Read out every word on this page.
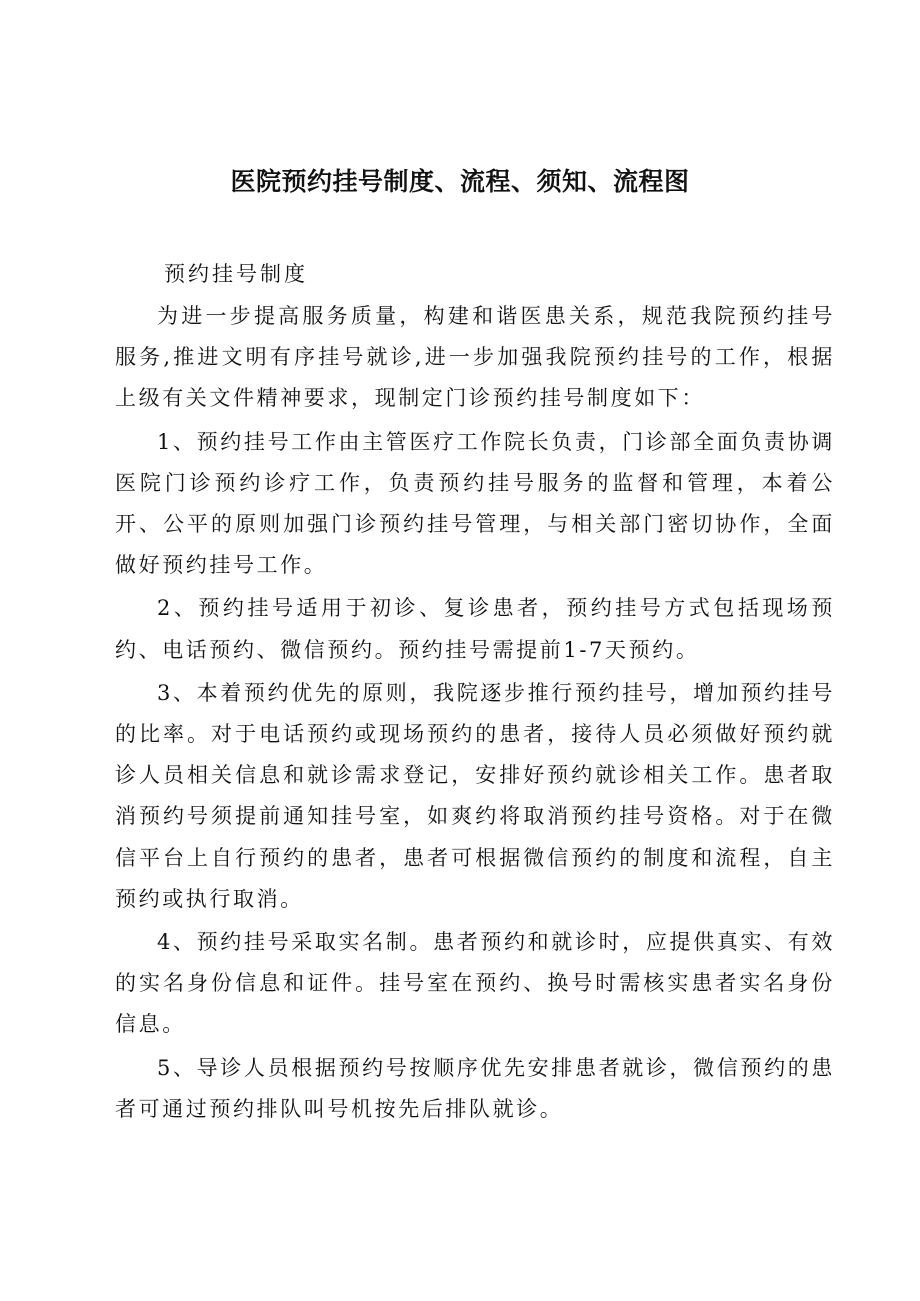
医院预约挂号制度、流程、须知、流程图
预约挂号制度

为进一步提高服务质量，构建和谐医患关系，规范我院预约挂号服务,推进文明有序挂号就诊,进一步加强我院预约挂号的工作，根据上级有关文件精神要求，现制定门诊预约挂号制度如下：

1、预约挂号工作由主管医疗工作院长负责，门诊部全面负责协调医院门诊预约诊疗工作，负责预约挂号服务的监督和管理，本着公开、公平的原则加强门诊预约挂号管理，与相关部门密切协作，全面做好预约挂号工作。

2、预约挂号适用于初诊、复诊患者，预约挂号方式包括现场预约、电话预约、微信预约。预约挂号需提前1-7天预约。

3、本着预约优先的原则，我院逐步推行预约挂号，增加预约挂号的比率。对于电话预约或现场预约的患者，接待人员必须做好预约就诊人员相关信息和就诊需求登记，安排好预约就诊相关工作。患者取消预约号须提前通知挂号室，如爽约将取消预约挂号资格。对于在微信平台上自行预约的患者，患者可根据微信预约的制度和流程，自主预约或执行取消。

4、预约挂号采取实名制。患者预约和就诊时，应提供真实、有效的实名身份信息和证件。挂号室在预约、换号时需核实患者实名身份信息。

5、导诊人员根据预约号按顺序优先安排患者就诊，微信预约的患者可通过预约排队叫号机按先后排队就诊。
